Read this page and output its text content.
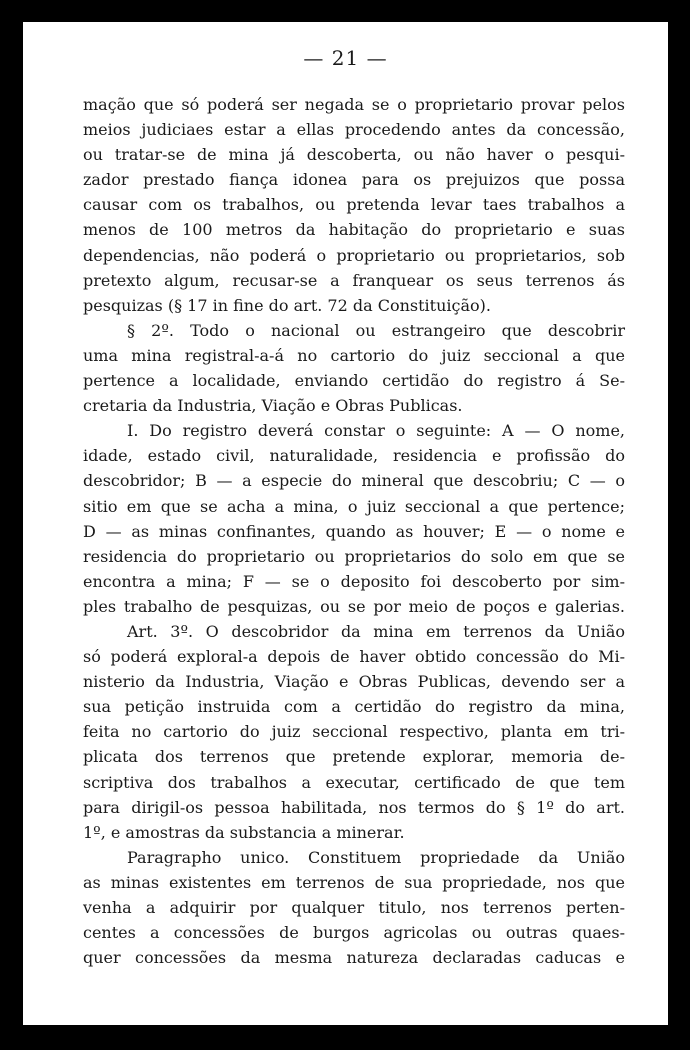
— 21 —
mação que só poderá ser negada se o proprietario provar pelos
meios judiciaes estar a ellas procedendo antes da concessão,
ou tratar-se de mina já descoberta, ou não haver o pesqui-
zador prestado fiança idonea para os prejuizos que possa
causar com os trabalhos, ou pretenda levar taes trabalhos a
menos de 100 metros da habitação do proprietario e suas
dependencias, não poderá o proprietario ou proprietarios, sob
pretexto algum, recusar-se a franquear os seus terrenos ás
pesquizas (§ 17 in fine do art. 72 da Constituição).
§ 2º. Todo o nacional ou estrangeiro que descobrir
uma mina registral-a-á no cartorio do juiz seccional a que
pertence a localidade, enviando certidão do registro á Se-
cretaria da Industria, Viação e Obras Publicas.
I. Do registro deverá constar o seguinte: A — O nome,
idade, estado civil, naturalidade, residencia e profissão do
descobridor; B — a especie do mineral que descobriu; C — o
sitio em que se acha a mina, o juiz seccional a que pertence;
D — as minas confinantes, quando as houver; E — o nome e
residencia do proprietario ou proprietarios do solo em que se
encontra a mina; F — se o deposito foi descoberto por sim-
ples trabalho de pesquizas, ou se por meio de poços e galerias.
Art. 3º. O descobridor da mina em terrenos da União
só poderá exploral-a depois de haver obtido concessão do Mi-
nisterio da Industria, Viação e Obras Publicas, devendo ser a
sua petição instruida com a certidão do registro da mina,
feita no cartorio do juiz seccional respectivo, planta em tri-
plicata dos terrenos que pretende explorar, memoria de-
scriptiva dos trabalhos a executar, certificado de que tem
para dirigil-os pessoa habilitada, nos termos do § 1º do art.
1º, e amostras da substancia a minerar.
Paragrapho unico. Constituem propriedade da União
as minas existentes em terrenos de sua propriedade, nos que
venha a adquirir por qualquer titulo, nos terrenos perten-
centes a concessões de burgos agricolas ou outras quaes-
quer concessões da mesma natureza declaradas caducas e
